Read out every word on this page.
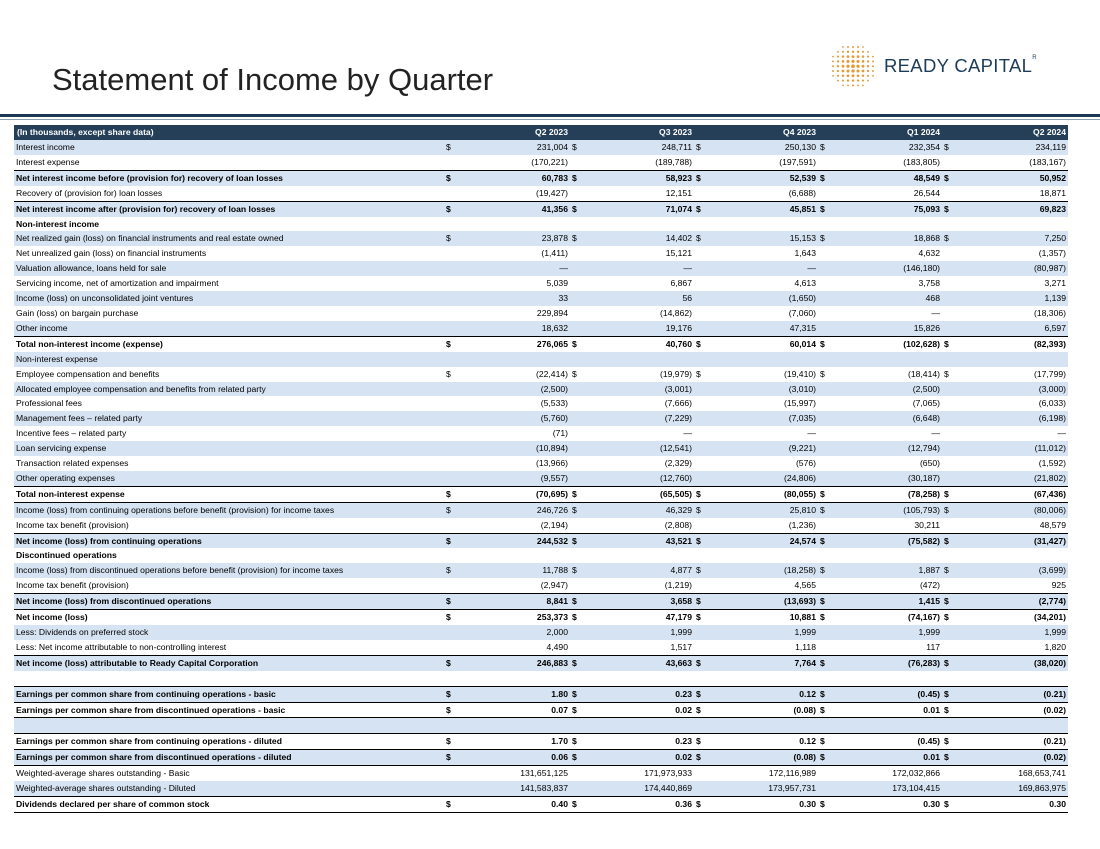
Statement of Income by Quarter	READY $CAPITAL^R$
(In thousands, except share data)		Q2 2023		Q3 2023		Q4 2023		Q1 2024		Q2 2024
Interest income	$	231,004	$	248,711	$	250,130	$	232,354	$	234,119
Interest expense		(170,221)		(189,788)		(197,591)		(183,805)		(183,167)
Net interest income before (provision for) recovery of loan losses	$	60,783	$	58,923	$	52,539	$	48,549	$	50,952
Recovery of (provision for) loan losses		(19,427)		12,151		(6,688)		26,544		18,871
Net interest income after (provision for) recovery of loan losses	$	41,356	$	71,074	$	45,851	$	75,093	$	69,823
Non-interest income										
Net realized gain (loss) on financial instruments and real estate owned	$	23,878	$	14,402	$	15,153	$	18,868	$	7,250
Net unrealized gain (loss) on financial instruments		(1,411)		15,121		1,643		4,632		(1,357)
Valuation allowance, loans held for sale		—		—		—		(146,180)		(80,987)
Servicing income, net of amortization and impairment		5,039		6,867		4,613		3,758		3,271
Income (loss) on unconsolidated joint ventures		33		56		(1,650)		468		1,139
Gain (loss) on bargain purchase		229,894		(14,862)		(7,060)		—		(18,306)
Other income		18,632		19,176		47,315		15,826		6,597
Total non-interest income (expense)	$	276,065	$	40,760	$	60,014	$	(102,628)	$	(82,393)
Non-interest expense										
Employee compensation and benefits	$	(22,414)	$	(19,979)	$	(19,410)	$	(18,414)	$	(17,799)
Allocated employee compensation and benefits from related party		(2,500)		(3,001)		(3,010)		(2,500)		(3,000)
Professional fees		(5,533)		(7,666)		(15,997)		(7,065)		(6,033)
Management fees – related party		(5,760)		(7,229)		(7,035)		(6,648)		(6,198)
Incentive fees – related party		(71)		—		—		—		—
Loan servicing expense		(10,894)		(12,541)		(9,221)		(12,794)		(11,012)
Transaction related expenses		(13,966)		(2,329)		(576)		(650)		(1,592)
Other operating expenses		(9,557)		(12,760)		(24,806)		(30,187)		(21,802)
Total non-interest expense	$	(70,695)	$	(65,505)	$	(80,055)	$	(78,258)	$	(67,436)
Income (loss) from continuing operations before benefit (provision) for income taxes	$	246,726	$	46,329	$	25,810	$	(105,793)	$	(80,006)
Income tax benefit (provision)		(2,194)		(2,808)		(1,236)		30,211		48,579
Net income (loss) from continuing operations	$	244,532	$	43,521	$	24,574	$	(75,582)	$	(31,427)
Discontinued operations										
Income (loss) from discontinued operations before benefit (provision) for income taxes	$	11,788	$	4,877	$	(18,258)	$	1,887	$	(3,699)
Income tax benefit (provision)		(2,947)		(1,219)		4,565		(472)		925
Net income (loss) from discontinued operations	$	8,841	$	3,658	$	(13,693)	$	1,415	$	(2,774)
Net income (loss)	$	253,373	$	47,179	$	10,881	$	(74,167)	$	(34,201)
Less: Dividends on preferred stock		2,000		1,999		1,999		1,999		1,999
Less: Net income attributable to non-controlling interest		4,490		1,517		1,118		117		1,820
Net income (loss) attributable to Ready Capital Corporation	$	246,883	$	43,663	$	7,764	$	(76,283)	$	(38,020)

Earnings per common share from continuing operations - basic	$	1.80	$	0.23	$	0.12	$	(0.45)	$	(0.21)
Earnings per common share from discontinued operations - basic	$	0.07	$	0.02	$	(0.08)	$	0.01	$	(0.02)

Earnings per common share from continuing operations - diluted	$	1.70	$	0.23	$	0.12	$	(0.45)	$	(0.21)
Earnings per common share from discontinued operations - diluted	$	0.06	$	0.02	$	(0.08)	$	0.01	$	(0.02)
Weighted-average shares outstanding - Basic		131,651,125		171,973,933		172,116,989		172,032,866		168,653,741
Weighted-average shares outstanding - Diluted		141,583,837		174,440,869		173,957,731		173,104,415		169,863,975
Dividends declared per share of common stock	$	0.40	$	0.36	$	0.30	$	0.30	$	0.30
